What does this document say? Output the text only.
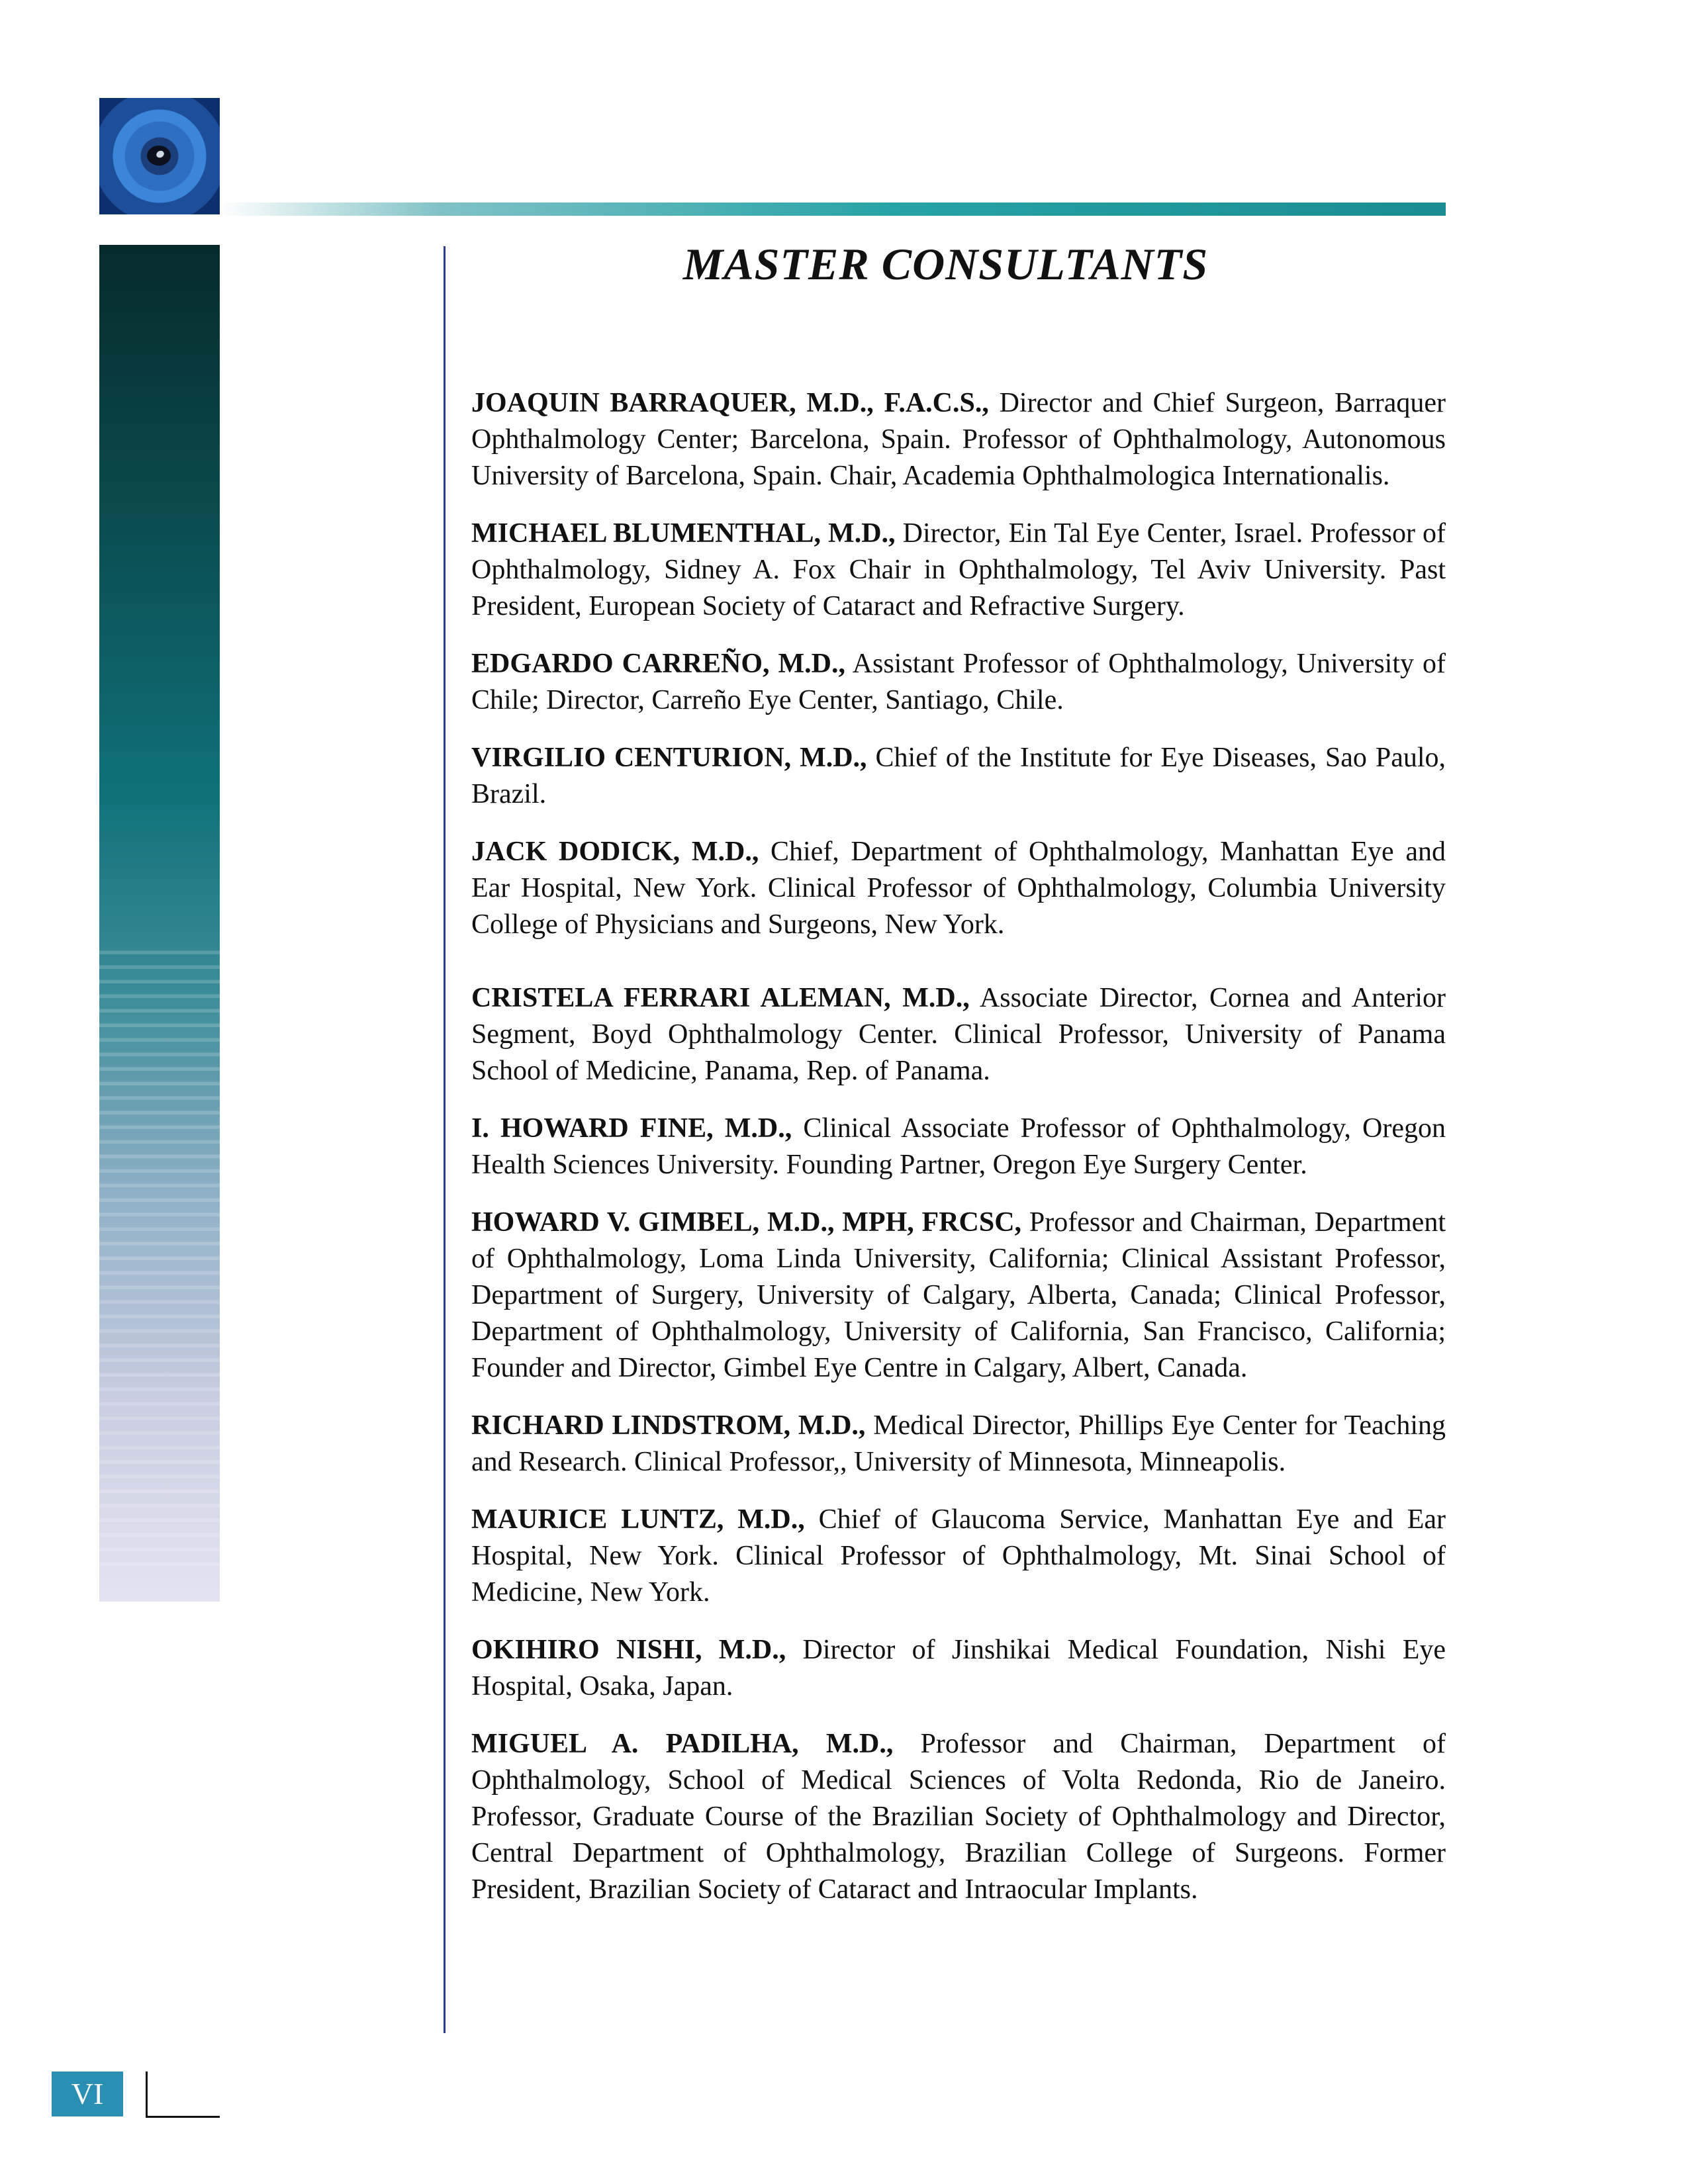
MASTER CONSULTANTS

JOAQUIN BARRAQUER, M.D., F.A.C.S., Director and Chief Surgeon, Barraquer Ophthalmology Center; Barcelona, Spain. Professor of Ophthalmology, Autonomous University of Barcelona, Spain. Chair, Academia Ophthalmologica Internationalis.

MICHAEL BLUMENTHAL, M.D., Director, Ein Tal Eye Center, Israel. Professor of Ophthalmology, Sidney A. Fox Chair in Ophthalmology, Tel Aviv University. Past President, European Society of Cataract and Refractive Surgery.

EDGARDO CARREÑO, M.D., Assistant Professor of Ophthalmology, University of Chile; Director, Carreño Eye Center, Santiago, Chile.

VIRGILIO CENTURION, M.D., Chief of the Institute for Eye Diseases, Sao Paulo, Brazil.

JACK DODICK, M.D., Chief, Department of Ophthalmology, Manhattan Eye and Ear Hospital, New York. Clinical Professor of Ophthalmology, Columbia University College of Physicians and Surgeons, New York.

CRISTELA FERRARI ALEMAN, M.D., Associate Director, Cornea and Anterior Segment, Boyd Ophthalmology Center. Clinical Professor, University of Panama School of Medicine, Panama, Rep. of Panama.

I. HOWARD FINE, M.D., Clinical Associate Professor of Ophthalmology, Oregon Health Sciences University. Founding Partner, Oregon Eye Surgery Center.

HOWARD V. GIMBEL, M.D., MPH, FRCSC, Professor and Chairman, Department of Ophthalmology, Loma Linda University, California; Clinical Assistant Professor, Department of Surgery, University of Calgary, Alberta, Canada; Clinical Professor, Department of Ophthalmology, University of California, San Francisco, California; Founder and Director, Gimbel Eye Centre in Calgary, Albert, Canada.

RICHARD LINDSTROM, M.D., Medical Director, Phillips Eye Center for Teaching and Research. Clinical Professor,, University of Minnesota, Minneapolis.

MAURICE LUNTZ, M.D., Chief of Glaucoma Service, Manhattan Eye and Ear Hospital, New York. Clinical Professor of Ophthalmology, Mt. Sinai School of Medicine, New York.

OKIHIRO NISHI, M.D., Director of Jinshikai Medical Foundation, Nishi Eye Hospital, Osaka, Japan.

MIGUEL A. PADILHA, M.D., Professor and Chairman, Department of Ophthalmology, School of Medical Sciences of Volta Redonda, Rio de Janeiro. Professor, Graduate Course of the Brazilian Society of Ophthalmology and Director, Central Department of Ophthalmology, Brazilian College of Surgeons. Former President, Brazilian Society of Cataract and Intraocular Implants.

VI
